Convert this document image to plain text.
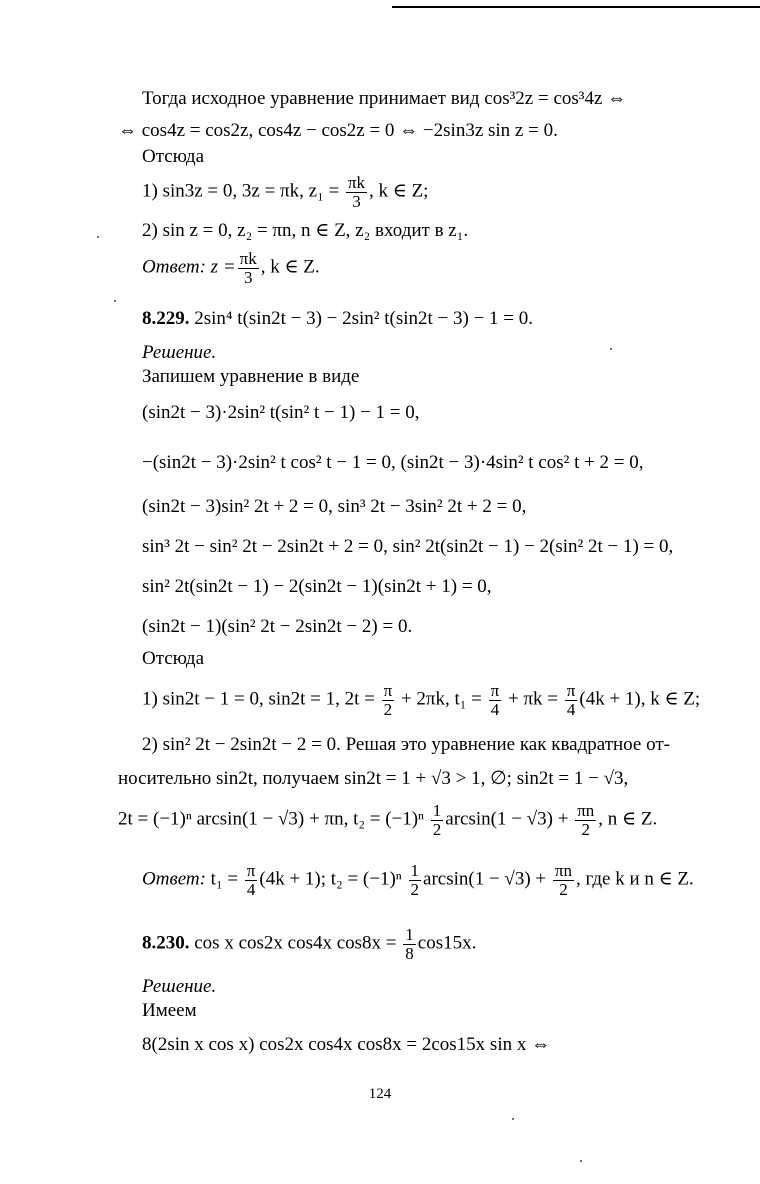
Тогда исходное уравнение принимает вид cos³2z = cos³4z ⇔
⇔ cos4z = cos2z, cos4z − cos2z = 0 ⇔ −2sin3z sin z = 0.
Отсюда
1) sin3z = 0, 3z = πk, $z_1 = \frac{\pi k}{3}$ , k ∈ Z;
2) sin z = 0, z₂ = πn, n ∈ Z, z₂ входит в z₁.
Ответ: $z = \frac{\pi k}{3}$ , k ∈ Z.
8.229. 2sin⁴ t(sin2t − 3) − 2sin² t(sin2t − 3) − 1 = 0.
Решение.
Запишем уравнение в виде
(sin2t − 3)·2sin² t(sin² t − 1) − 1 = 0,
−(sin2t − 3)·2sin² t cos² t − 1 = 0, (sin2t − 3)·4sin² t cos² t + 2 = 0,
(sin2t − 3)sin² 2t + 2 = 0, sin³ 2t − 3sin² 2t + 2 = 0,
sin³ 2t − sin² 2t − 2sin2t + 2 = 0, sin² 2t(sin2t − 1) − 2(sin² 2t − 1) = 0,
sin² 2t(sin2t − 1) − 2(sin2t − 1)(sin2t + 1) = 0,
(sin2t − 1)(sin² 2t − 2sin2t − 2) = 0.
Отсюда
1) sin2t − 1 = 0, sin2t = 1, $2t = \frac{\pi}{2} + 2\pi k$, $t_1 = \frac{\pi}{4} + \pi k = \frac{\pi}{4} (4k + 1)$, k ∈ Z;
2) sin² 2t − 2sin2t − 2 = 0. Решая это уравнение как квадратное от-
носительно sin2t, получаем sin2t = 1 + √3 > 1, ∅; sin2t = 1 − √3,
2t = (−1)ⁿ arcsin(1 − √3) + πn, $t_2 = (-1)^n \frac{1}{2} \arcsin(1 - √3) + \frac{\pi n}{2}$ , n ∈ Z.
Ответ: $t_1 = \frac{\pi}{4} (4k + 1)$; $t_2 = (-1)^n \frac{1}{2} \arcsin(1 - √3) + \frac{\pi n}{2}$ , где k и n ∈ Z.
8.230. cos x cos2x cos4x $\cos 8x = \frac{1}{8} \cos 15x$.
Решение.
Имеем
8(2sin x cos x) cos2x cos4x cos8x = 2cos15x sin x ⇔
124
